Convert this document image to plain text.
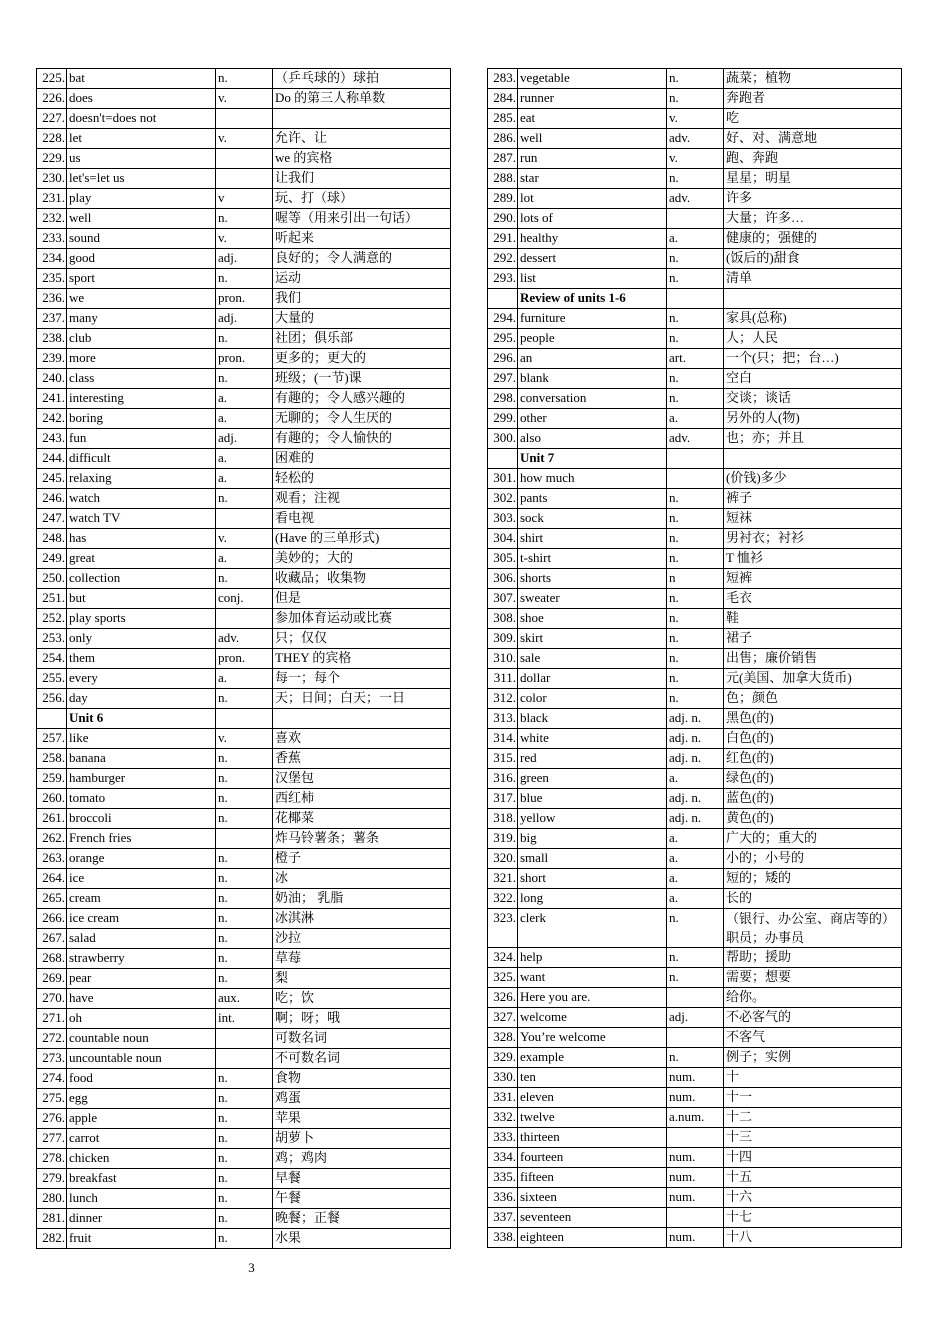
225.	bat	n.	（乒乓球的）球拍
226.	does	v.	Do 的第三人称单数
227.	doesn't=does not		
228.	let	v.	允许、让
229.	us		we 的宾格
230.	let's=let us		让我们
231.	play	v	玩、打（球）
232.	well	n.	喔等（用来引出一句话）
233.	sound	v.	听起来
234.	good	adj.	良好的；令人满意的
235.	sport	n.	运动
236.	we	pron.	我们
237.	many	adj.	大量的
238.	club	n.	社团；俱乐部
239.	more	pron.	更多的；更大的
240.	class	n.	班级；(一节)课
241.	interesting	a.	有趣的；令人感兴趣的
242.	boring	a.	无聊的；令人生厌的
243.	fun	adj.	有趣的；令人愉快的
244.	difficult	a.	困难的
245.	relaxing	a.	轻松的
246.	watch	n.	观看；注视
247.	watch TV		看电视
248.	has	v.	(Have 的三单形式)
249.	great	a.	美妙的；大的
250.	collection	n.	收藏品；收集物
251.	but	conj.	但是
252.	play sports		参加体育运动或比赛
253.	only	adv.	只；仅仅
254.	them	pron.	THEY 的宾格
255.	every	a.	每一；每个
256.	day	n.	天；日间；白天；一日
	Unit 6		
257.	like	v.	喜欢
258.	banana	n.	香蕉
259.	hamburger	n.	汉堡包
260.	tomato	n.	西红柿
261.	broccoli	n.	花椰菜
262.	French fries		炸马铃薯条；薯条
263.	orange	n.	橙子
264.	ice	n.	冰
265.	cream	n.	奶油； 乳脂
266.	ice cream	n.	冰淇淋
267.	salad	n.	沙拉
268.	strawberry	n.	草莓
269.	pear	n.	梨
270.	have	aux.	吃；饮
271.	oh	int.	啊；呀；哦
272.	countable noun		可数名词
273.	uncountable noun		不可数名词
274.	food	n.	食物
275.	egg	n.	鸡蛋
276.	apple	n.	苹果
277.	carrot	n.	胡萝卜
278.	chicken	n.	鸡；鸡肉
279.	breakfast	n.	早餐
280.	lunch	n.	午餐
281.	dinner	n.	晚餐；正餐
282.	fruit	n.	水果
283.	vegetable	n.	蔬菜；植物
284.	runner	n.	奔跑者
285.	eat	v.	吃
286.	well	adv.	好、对、满意地
287.	run	v.	跑、奔跑
288.	star	n.	星星；明星
289.	lot	adv.	许多
290.	lots of		大量；许多…
291.	healthy	a.	健康的；强健的
292.	dessert	n.	(饭后的)甜食
293.	list	n.	清单
	Review of units 1-6		
294.	furniture	n.	家具(总称)
295.	people	n.	人；人民
296.	an	art.	一个(只；把；台…)
297.	blank	n.	空白
298.	conversation	n.	交谈；谈话
299.	other	a.	另外的人(物)
300.	also	adv.	也；亦；并且
	Unit 7		
301.	how much		(价钱)多少
302.	pants	n.	裤子
303.	sock	n.	短袜
304.	shirt	n.	男衬衣；衬衫
305.	t-shirt	n.	T 恤衫
306.	shorts	n	短裤
307.	sweater	n.	毛衣
308.	shoe	n.	鞋
309.	skirt	n.	裙子
310.	sale	n.	出售；廉价销售
311.	dollar	n.	元(美国、加拿大货币)
312.	color	n.	色；颜色
313.	black	adj. n.	黑色(的)
314.	white	adj. n.	白色(的)
315.	red	adj. n.	红色(的)
316.	green	a.	绿色(的)
317.	blue	adj. n.	蓝色(的)
318.	yellow	adj. n.	黄色(的)
319.	big	a.	广大的；重大的
320.	small	a.	小的；小号的
321.	short	a.	短的；矮的
322.	long	a.	长的
323.	clerk	n.	（银行、办公室、商店等的）职员；办事员
324.	help	n.	帮助；援助
325.	want	n.	需要；想要
326.	Here you are.		给你。
327.	welcome	adj.	不必客气的
328.	You’re welcome		不客气
329.	example	n.	例子；实例
330.	ten	num.	十
331.	eleven	num.	十一
332.	twelve	a.num.	十二
333.	thirteen		十三
334.	fourteen	num.	十四
335.	fifteen	num.	十五
336.	sixteen	num.	十六
337.	seventeen		十七
338.	eighteen	num.	十八
3
